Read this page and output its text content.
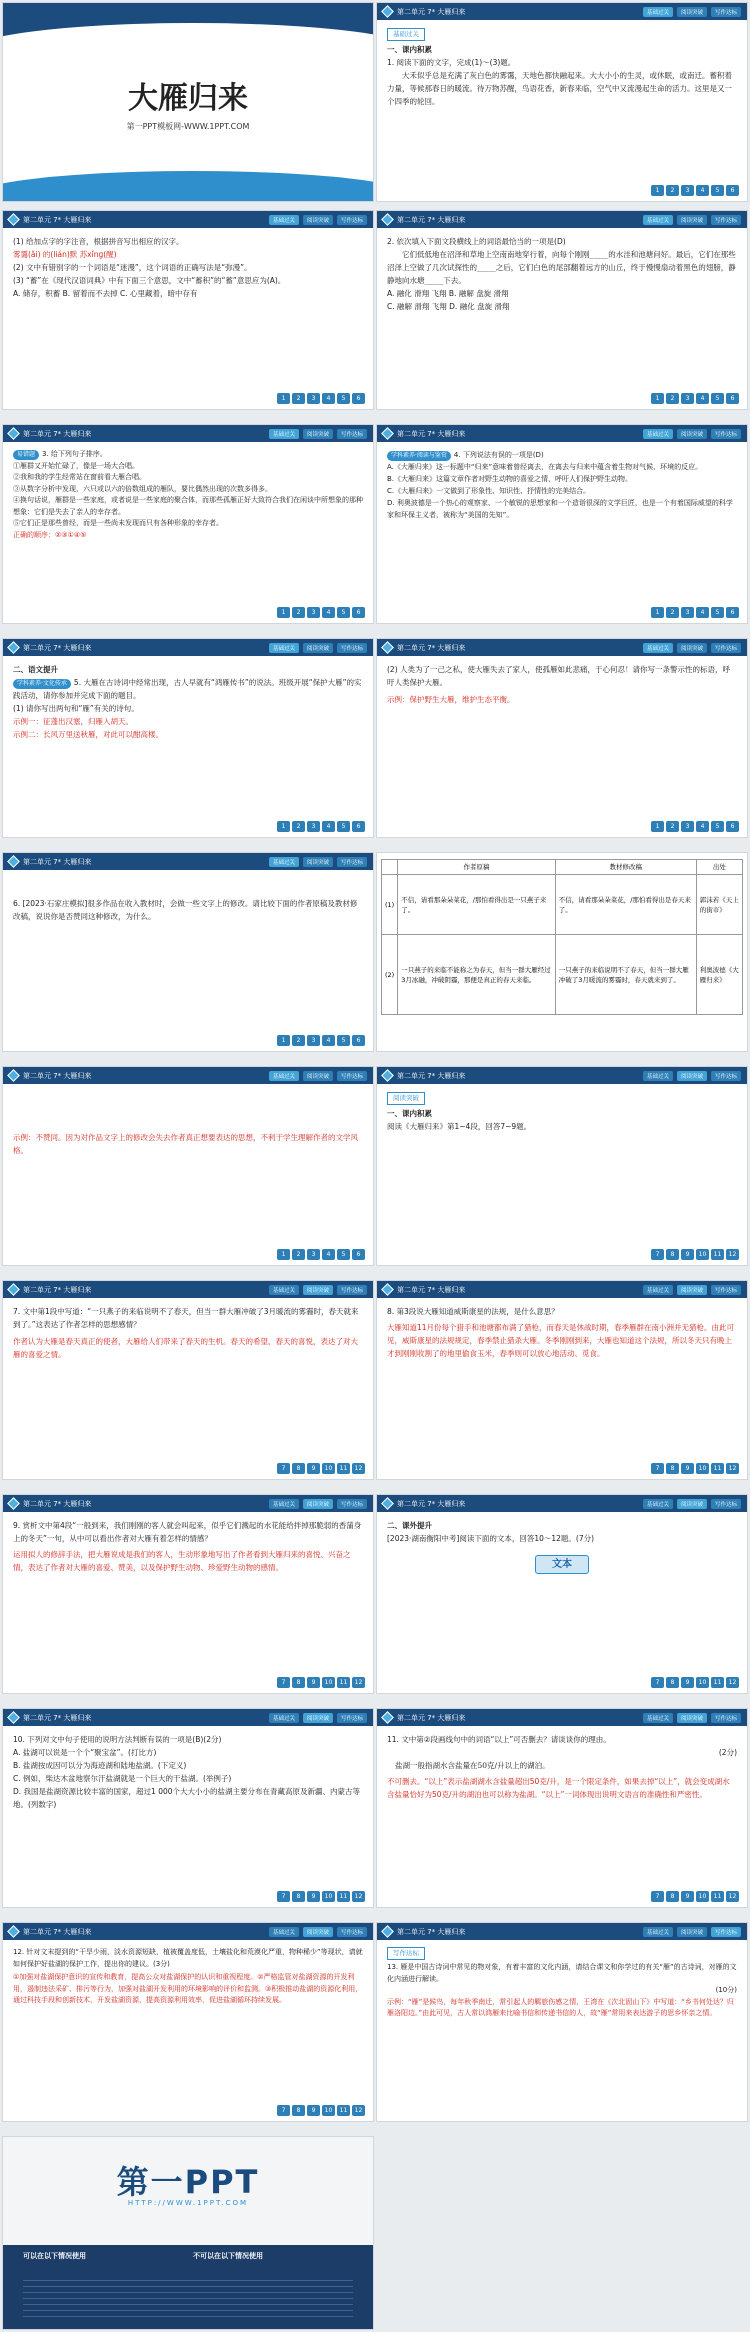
大雁归来
第一PPT模板网-WWW.1PPT.COM
第二单元 7* 大雁归来	基础过关	阅读突破	写作达标
基础过关
一、课内积累
1. 阅读下面的文字，完成(1)～(3)题。
大禾似乎总是充满了灰白色的雾霭，天地色都快融起来。大大小小的生灵，或休眠，或南迁。蓄积着力量，等候那春日的暖流。待万物苏醒，鸟语花香，新春来临，空气中又流漫起生命的活力。这里是又一个四季的轮回。
1	2	3	4	5	6
第二单元 7* 大雁归来	基础过关	阅读突破	写作达标
(1) 给加点字的字注音，根据拼音写出相应的汉字。
雾霭(ǎi) 的(lián)默 苏xǐnɡ(醒)
(2) 文中有错别字的一个词语是“迷漫”，这个词语的正确写法是“弥漫”。
(3) “蓄”在《现代汉语词典》中有下面三个意思，文中“蓄积”的“蓄”意思应为(A)。
A. 储存，积蓄 B. 留着而不去掉 C. 心里藏着，暗中存有
1	2	3	4	5	6
第二单元 7* 大雁归来	基础过关	阅读突破	写作达标
2. 依次填入下面文段横线上的词语最恰当的一项是(D)
它们低低地在沼泽和草地上空南南地穿行着，向每个刚刚_____的水洼和池塘问好。最后，它们在那些沼泽上空做了几次试探性的_____之后，它们白色的尾部翻着远方的山丘，终于慢慢扇动着黑色的翅膀，静静地向水塘_____下去。
A. 融化 滑翔 飞翔 B. 融解 盘旋 滑翔
C. 融解 滑翔 飞翔 D. 融化 盘旋 滑翔
1	2	3	4	5	6
第二单元 7* 大雁归来	基础过关	阅读突破	写作达标
易错题 3. 给下列句子排序。
①雁群又开始忙碌了，像是一场大合唱。
②我和我的学生经常站在窗前看大雁合唱。
③从数字分析中发现，六只或以六的倍数组成的雁队，要比偶然出现的次数多得多。
④换句话说，雁群是一些家庭，或者说是一些家庭的聚合体，而那些孤雁正好大致符合我们在闲谈中所想象的那种想象：它们是失去了亲人的幸存者。
⑤它们正是那些曾经，而是一些尚未发现而只有各种形象的幸存者。
正确的顺序：②③①④⑤
1	2	3	4	5	6
第二单元 7* 大雁归来	基础过关	阅读突破	写作达标
学科素养·阅读与鉴赏 4. 下列说法有误的一项是(D)
A.《大雁归来》这一标题中“归来”意味着曾经离去，在离去与归来中蕴含着生物对气候、环境的反应。
B.《大雁归来》这篇文章作者对野生动物的喜爱之情，呼吁人们保护野生动物。
C.《大雁归来》一文做到了形象性、知识性、抒情性的完美结合。
D. 利奥波德是一个热心的观察家、一个敏锐的思想家和一个造诣很深的文学巨匠，也是一个有着国际威望的科学家和环保主义者，被称为“美国的先知”。
1	2	3	4	5	6
第二单元 7* 大雁归来	基础过关	阅读突破	写作达标
二、语文提升
学科素养·文化传承 5. 大雁在古诗词中经常出现，古人早就有“鸿雁传书”的说法。班级开展“保护大雁”的实践活动，请你参加并完成下面的题目。
(1) 请你写出两句和“雁”有关的诗句。
示例一：征蓬出汉塞，归雁入胡天。
示例二：长风万里送秋雁，对此可以酣高楼。
1	2	3	4	5	6
第二单元 7* 大雁归来	基础过关	阅读突破	写作达标
(2) 人类为了一己之私，使大雁失去了家人，使孤雁如此悲痛，于心何忍！请你写一条警示性的标语，呼吁人类保护大雁。
示例：保护野生大雁，维护生态平衡。
1	2	3	4	5	6
第二单元 7* 大雁归来	基础过关	阅读突破	写作达标
6. [2023·石家庄模拟]很多作品在收入教材时，会做一些文字上的修改。请比较下面的作者原稿及教材修改稿，说说你是否赞同这种修改，为什么。
1	2	3	4	5	6
	作者原稿	教材修改稿	出处
(1)	不信，请看那朵朵菜花，/那怕看得出是一只燕子来了。	不信，请看那朵朵菜花，/那怕看得出是春天来了。	郭沫若《天上的街市》
(2)	一只燕子的来临不能称之为春天，但当一群大雁经过3月冰融，冲破阴霾，那便是真正的春天来临。	一只燕子的来临说明不了春天，但当一群大雁冲破了3月暖流的雾霾时，春天就来到了。	利奥波德《大雁归来》
第二单元 7* 大雁归来	基础过关	阅读突破	写作达标
示例：不赞同。因为对作品文字上的修改会失去作者真正想要表达的思想，不利于学生理解作者的文学风格。
1	2	3	4	5	6
第二单元 7* 大雁归来	基础过关	阅读突破	写作达标
阅读突破
一、课内积累
阅读《大雁归来》第1~4段，回答7~9题。
7	8	9	10	11	12
第二单元 7* 大雁归来	基础过关	阅读突破	写作达标
7. 文中第1段中写道：“一只燕子的来临说明不了春天，但当一群大雁冲破了3月暖流的雾霾时，春天就来到了。”这表达了作者怎样的思想感情？
作者认为大雁是春天真正的使者，大雁给人们带来了春天的生机。春天的希望、春天的喜悦，表达了对大雁的喜爱之情。
7	8	9	10	11	12
第二单元 7* 大雁归来	基础过关	阅读突破	写作达标
8. 第3段说大雁知道威斯康星的法规，是什么意思？
大雁知道11月份每个猎手和池塘都布满了猎枪，而春天是休战时期，春季雁群在南小洲并无猎枪。由此可见，威斯康星的法规规定，春季禁止猎杀大雁。冬季刚刚到来，大雁也知道这个法规，所以冬天只有晚上才到刚刚收割了的地里偷食玉米，春季则可以放心地活动、觅食。
7	8	9	10	11	12
第二单元 7* 大雁归来	基础过关	阅读突破	写作达标
9. 赏析文中第4段“一般到来，我们刚刚的客人就会叫起来，似乎它们溅起的水花能给拌掉那脆弱的香蒲身上的冬天”一句，从中可以看出作者对大雁有着怎样的情感？
运用拟人的修辞手法，把大雁说成是我们的客人，生动形象地写出了作者看到大雁归来的喜悦、兴奋之情，表达了作者对大雁的喜爱、赞美，以及保护野生动物、珍爱野生动物的感情。
7	8	9	10	11	12
第二单元 7* 大雁归来	基础过关	阅读突破	写作达标
二、课外提升
[2023·湖南衡阳中考]阅读下面的文本，回答10～12题。(7分)
文本
7	8	9	10	11	12
第二单元 7* 大雁归来	基础过关	阅读突破	写作达标
10. 下列对文中句子使用的说明方法判断有误的一项是(B)(2分)
A. 盐湖可以说是一个个“聚宝盆”。(打比方)
B. 盐湖按成因可以分为海迹湖和陆地盐湖。(下定义)
C. 例如，柴达木盆地察尔汗盐湖就是一个巨大的干盐湖。(举例子)
D. 我国是盐湖资源比较丰富的国家，超过1 000个大大小小的盐湖主要分布在青藏高原及新疆、内蒙古等地。(列数字)
7	8	9	10	11	12
第二单元 7* 大雁归来	基础过关	阅读突破	写作达标
11. 文中第②段画线句中的词语“以上”可否删去？请谈谈你的理由。
(2分)
盐湖一般指湖水含盐量在50克/升以上的湖泊。
不可删去。“以上”表示盐湖湖水含盐量超出50克/升，是一个限定条件，如果去掉“以上”，就会变成湖水含盐量恰好为50克/升的湖泊也可以称为盐湖。“以上”一词体现出说明文语言的准确性和严密性。
7	8	9	10	11	12
第二单元 7* 大雁归来	基础过关	阅读突破	写作达标
12. 针对文末提到的“干旱少雨，淡水资源短缺，植被覆盖度低，土壤盐化和荒漠化严重，物种稀少”等现状，请就如何保护好盐湖的保护工作，提出你的建议。(3分)
①加强对盐湖保护意识的宣传和教育，提高公众对盐湖保护的认识和重视程度。②严格监管对盐湖资源的开发利用，遏制违法采矿、排污等行为，加强对盐湖开发利用的环境影响的评价和监测。③积极推动盐湖的资源化利用，通过科技手段和创新技术，开发盐湖资源，提高资源利用效率，促进盐湖循环持续发展。
7	8	9	10	11	12
第二单元 7* 大雁归来	基础过关	阅读突破	写作达标
写作达标
13. 雁是中国古诗词中常见的物对象，有着丰富的文化内涵，请结合课文和你学过的有关“雁”的古诗词，对雁的文化内涵进行解读。
(10分)
示例：“雁”是候鸟，每年秋季南迁，常引起人的羁旅伤感之情，王湾在《次北固山下》中写道：“乡书何处达？归雁洛阳边。”由此可见，古人常以鸿雁来比喻书信和传递书信的人，故“雁”常用来表达游子的思乡怀亲之情。
第一PPT
HTTP://WWW.1PPT.COM
可以在以下情况使用	不可以在以下情况使用
